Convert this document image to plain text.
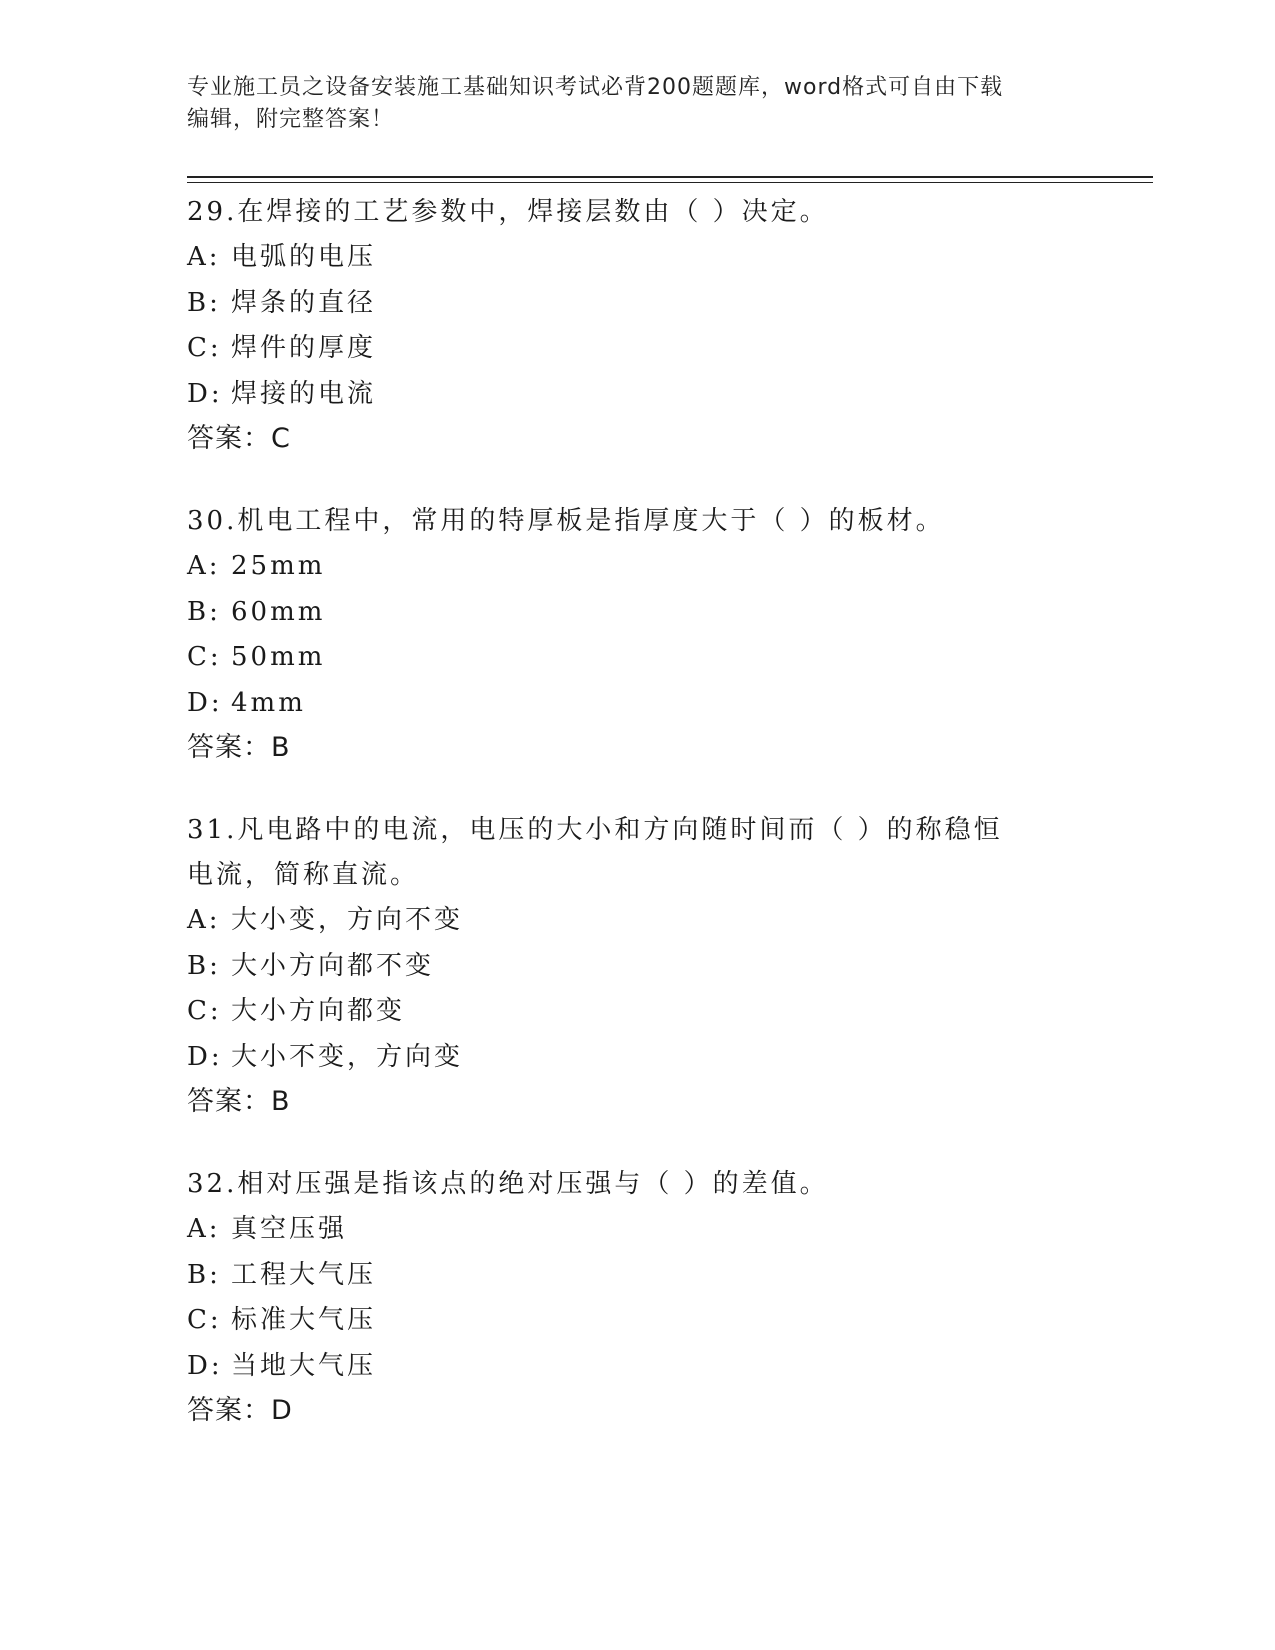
专业施工员之设备安装施工基础知识考试必背200题题库，word格式可自由下载
编辑，附完整答案！

29.在焊接的工艺参数中，焊接层数由（ ）决定。

A: 电弧的电压

B: 焊条的直径

C: 焊件的厚度

D: 焊接的电流

答案：C

30.机电工程中，常用的特厚板是指厚度大于（ ）的板材。

A: 25mm

B: 60mm

C: 50mm

D: 4mm

答案：B

31.凡电路中的电流，电压的大小和方向随时间而（ ）的称稳恒电流，简称直流。

A: 大小变，方向不变

B: 大小方向都不变

C: 大小方向都变

D: 大小不变，方向变

答案：B

32.相对压强是指该点的绝对压强与（ ）的差值。

A: 真空压强

B: 工程大气压

C: 标准大气压

D: 当地大气压

答案：D
